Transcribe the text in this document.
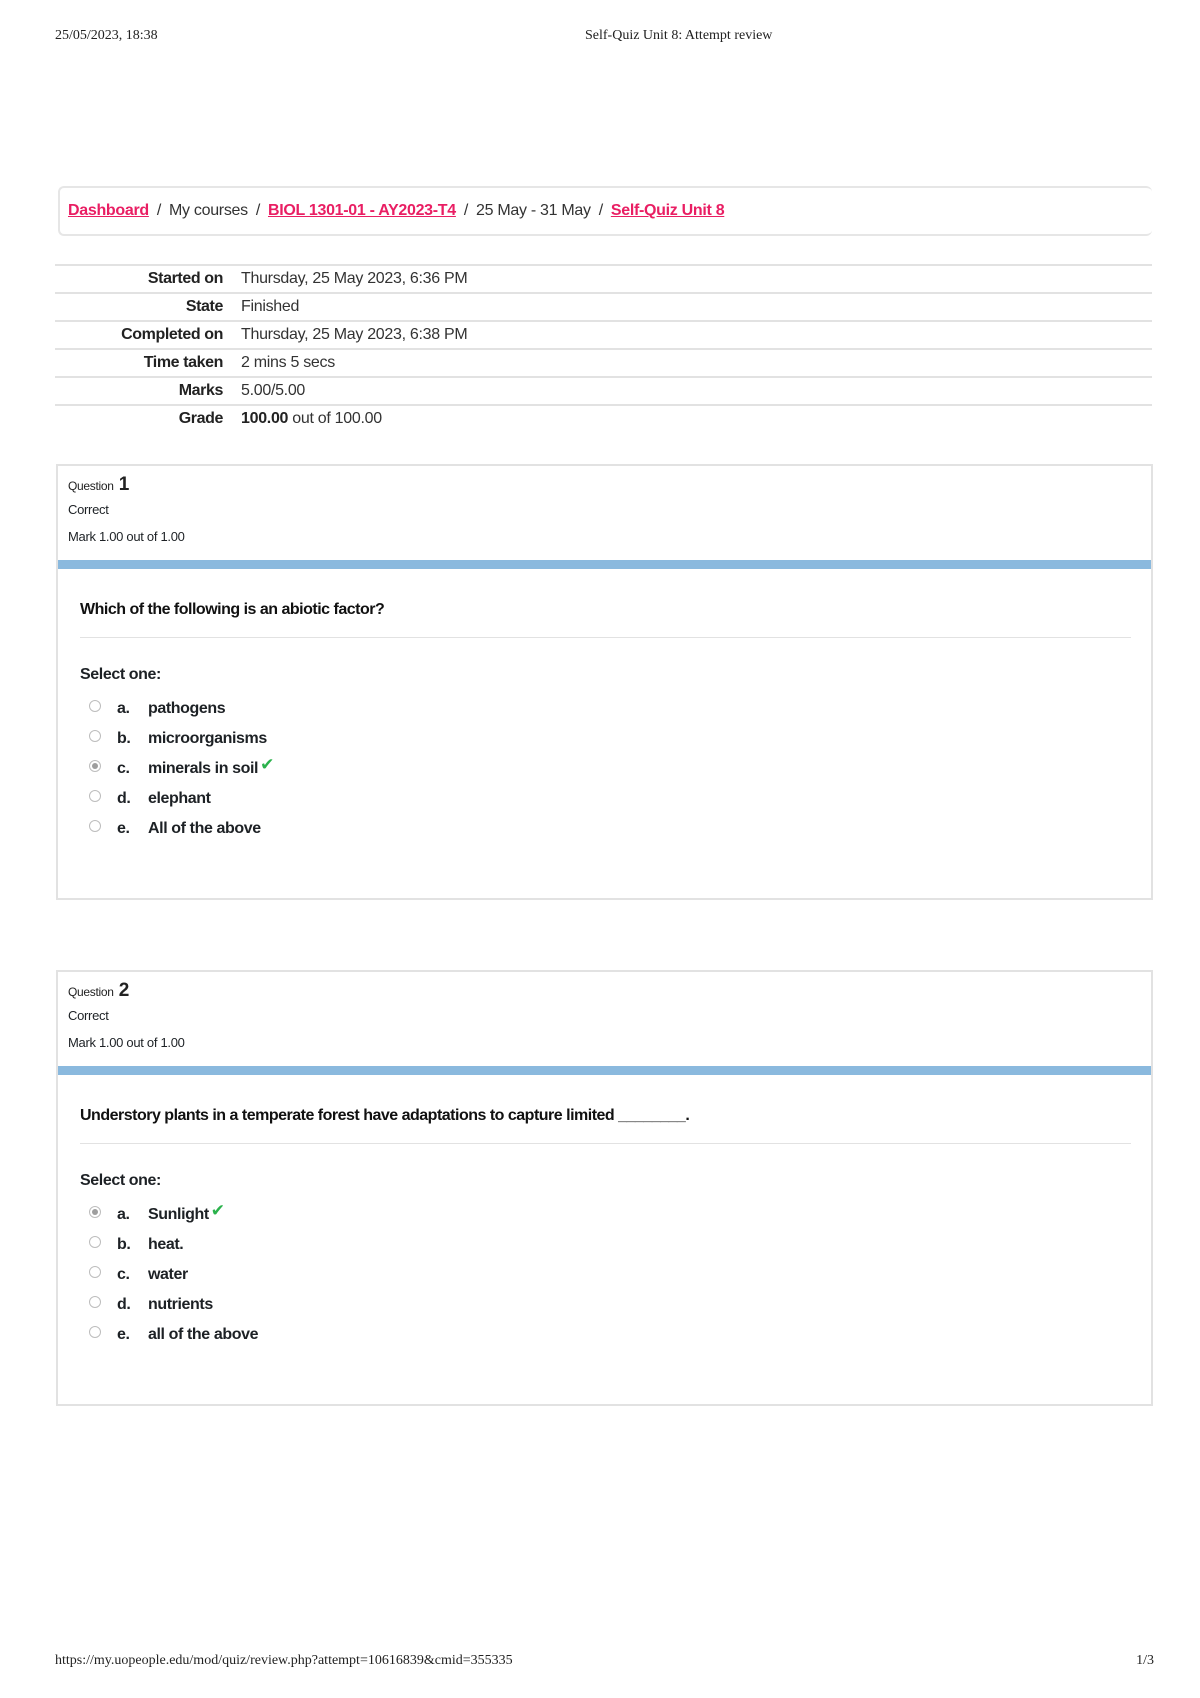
25/05/2023, 18:38	Self-Quiz Unit 8: Attempt review
Dashboard / My courses / BIOL 1301-01 - AY2023-T4 / 25 May - 31 May / Self-Quiz Unit 8
Started on Thursday, 25 May 2023, 6:36 PM
State Finished
Completed on Thursday, 25 May 2023, 6:38 PM
Time taken 2 mins 5 secs
Marks 5.00/5.00
Grade 100.00 out of 100.00
Question 1
Correct
Mark 1.00 out of 1.00
Which of the following is an abiotic factor?
Select one:
a.	pathogens
b.	microorganisms
c.	minerals in soil ✔
d.	elephant
e.	All of the above
Question 2
Correct
Mark 1.00 out of 1.00
Understory plants in a temperate forest have adaptations to capture limited ________.
Select one:
a.	Sunlight ✔
b.	heat.
c.	water
d.	nutrients
e.	all of the above
https://my.uopeople.edu/mod/quiz/review.php?attempt=10616839&cmid=355335	1/3
